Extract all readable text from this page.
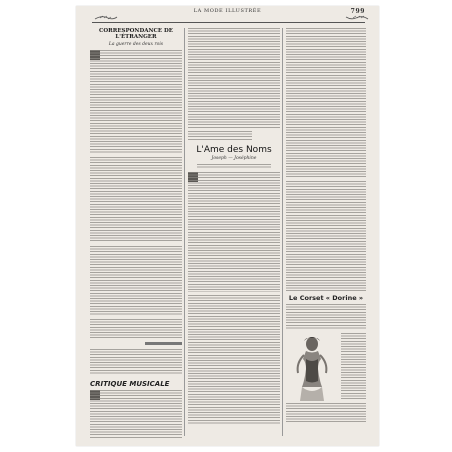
LA MODE ILLUSTRÉE	799
CORRESPONDANCE DE L'ÉTRANGER
La guerre des deux rois
CRITIQUE MUSICALE
L'Ame des Noms
Joseph — Joséphine
Le Corset « Dorine »
